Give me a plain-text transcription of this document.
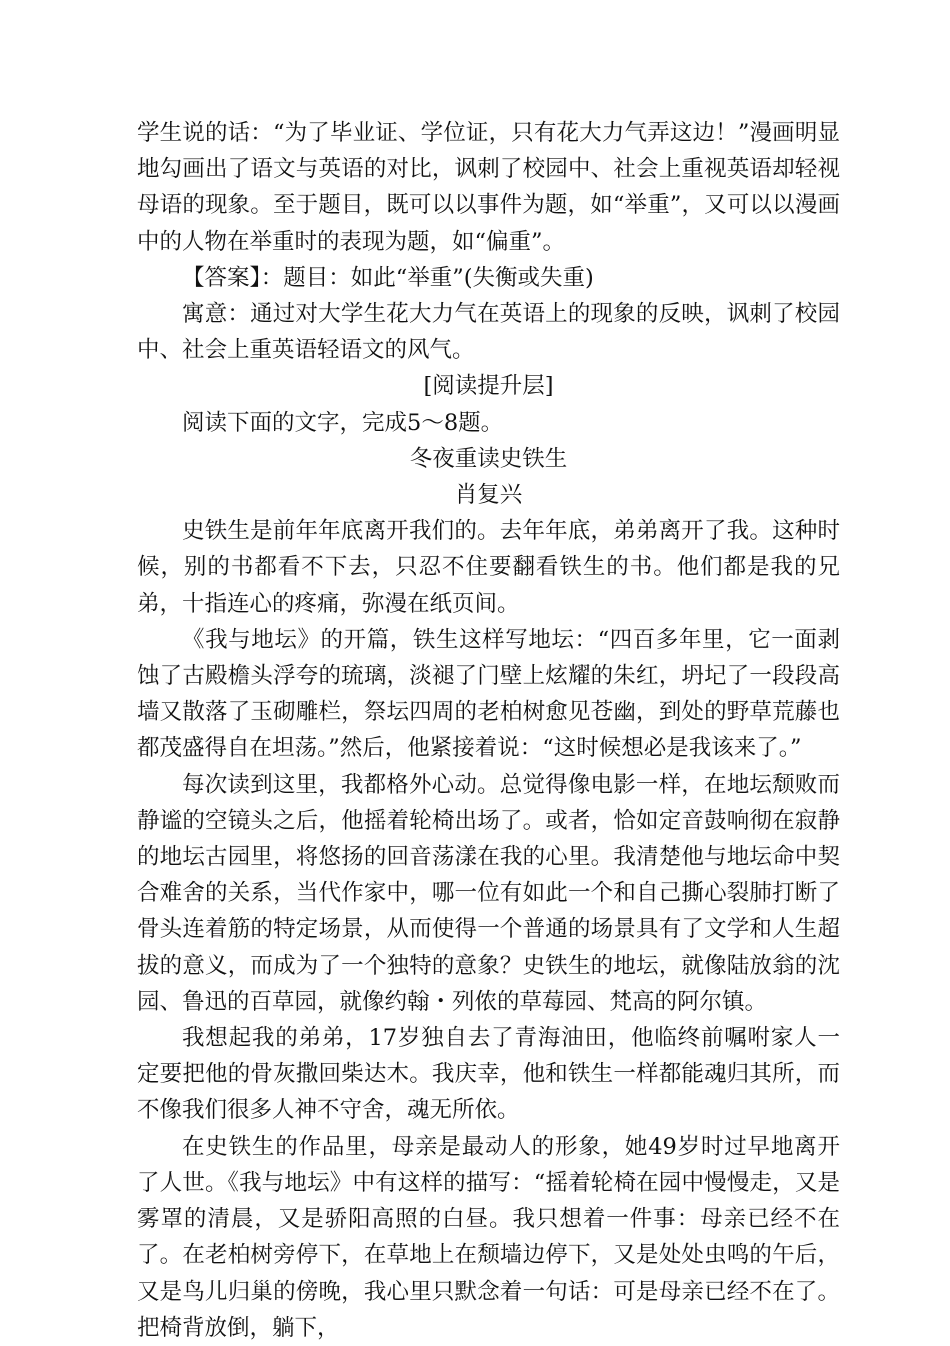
学生说的话：“为了毕业证、学位证，只有花大力气弄这边！”漫画明显地勾画出了语文与英语的对比，讽刺了校园中、社会上重视英语却轻视母语的现象。至于题目，既可以以事件为题，如“举重”，又可以以漫画中的人物在举重时的表现为题，如“偏重”。

【答案】：题目：如此“举重”(失衡或失重)

寓意：通过对大学生花大力气在英语上的现象的反映，讽刺了校园中、社会上重英语轻语文的风气。

[阅读提升层]

阅读下面的文字，完成5～8题。

冬夜重读史铁生

肖复兴

史铁生是前年年底离开我们的。去年年底，弟弟离开了我。这种时候，别的书都看不下去，只忍不住要翻看铁生的书。他们都是我的兄弟，十指连心的疼痛，弥漫在纸页间。

《我与地坛》的开篇，铁生这样写地坛：“四百多年里，它一面剥蚀了古殿檐头浮夸的琉璃，淡褪了门壁上炫耀的朱红，坍圮了一段段高墙又散落了玉砌雕栏，祭坛四周的老柏树愈见苍幽，到处的野草荒藤也都茂盛得自在坦荡。”然后，他紧接着说：“这时候想必是我该来了。”

每次读到这里，我都格外心动。总觉得像电影一样，在地坛颓败而静谧的空镜头之后，他摇着轮椅出场了。或者，恰如定音鼓响彻在寂静的地坛古园里，将悠扬的回音荡漾在我的心里。我清楚他与地坛命中契合难舍的关系，当代作家中，哪一位有如此一个和自己撕心裂肺打断了骨头连着筋的特定场景，从而使得一个普通的场景具有了文学和人生超拔的意义，而成为了一个独特的意象？史铁生的地坛，就像陆放翁的沈园、鲁迅的百草园，就像约翰・列侬的草莓园、梵高的阿尔镇。

我想起我的弟弟，17岁独自去了青海油田，他临终前嘱咐家人一定要把他的骨灰撒回柴达木。我庆幸，他和铁生一样都能魂归其所，而不像我们很多人神不守舍，魂无所依。

在史铁生的作品里，母亲是最动人的形象，她49岁时过早地离开了人世。《我与地坛》中有这样的描写：“摇着轮椅在园中慢慢走，又是雾罩的清晨，又是骄阳高照的白昼。我只想着一件事：母亲已经不在了。在老柏树旁停下，在草地上在颓墙边停下，又是处处虫鸣的午后，又是鸟儿归巢的傍晚，我心里只默念着一句话：可是母亲已经不在了。把椅背放倒，躺下，
